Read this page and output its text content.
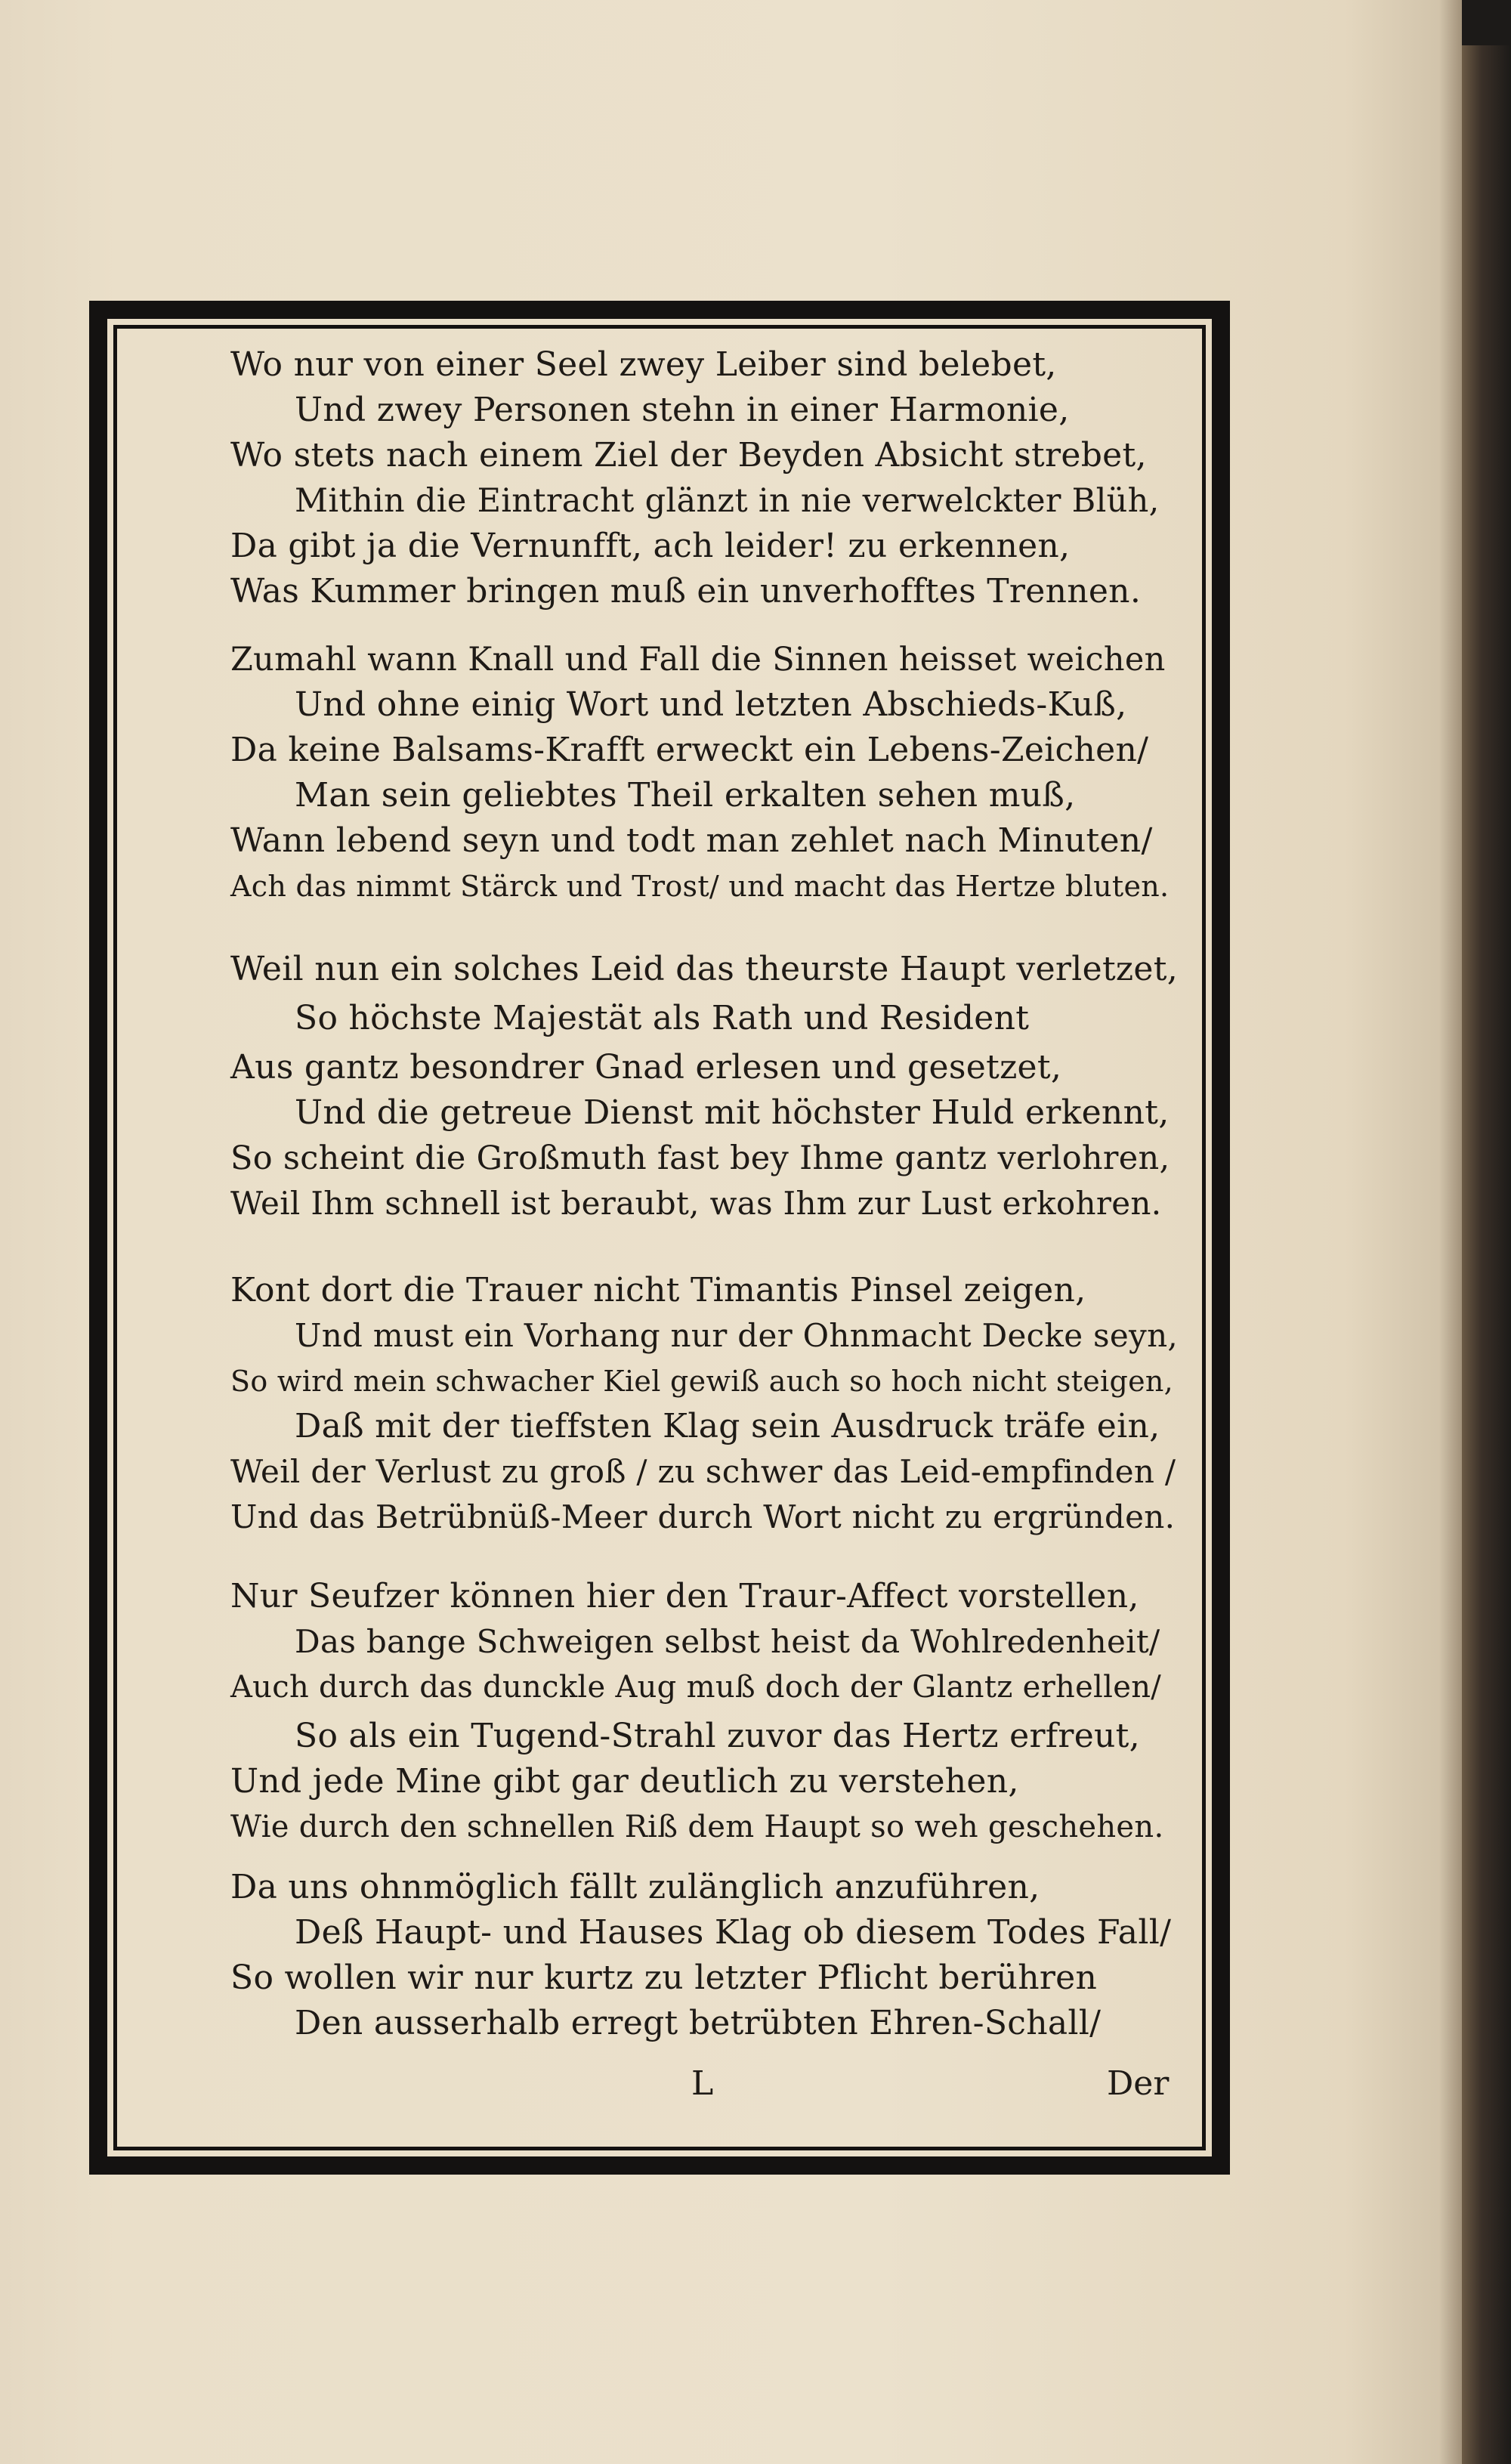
Wo nur von einer Seel zwey Leiber sind belebet,
Und zwey Personen stehn in einer Harmonie,
Wo stets nach einem Ziel der Beyden Absicht strebet,
Mithin die Eintracht glänzt in nie verwelckter Blüh,
Da gibt ja die Vernunfft, ach leider! zu erkennen,
Was Kummer bringen muß ein unverhofftes Trennen.
Zumahl wann Knall und Fall die Sinnen heisset weichen
Und ohne einig Wort und letzten Abschieds-Kuß,
Da keine Balsams-Krafft erweckt ein Lebens-Zeichen/
Man sein geliebtes Theil erkalten sehen muß,
Wann lebend seyn und todt man zehlet nach Minuten/
Ach das nimmt Stärck und Trost/ und macht das Hertze bluten.
Weil nun ein solches Leid das theurste Haupt verletzet,
So höchste Majestät als Rath und Resident
Aus gantz besondrer Gnad erlesen und gesetzet,
Und die getreue Dienst mit höchster Huld erkennt,
So scheint die Großmuth fast bey Ihme gantz verlohren,
Weil Ihm schnell ist beraubt, was Ihm zur Lust erkohren.
Kont dort die Trauer nicht Timantis Pinsel zeigen,
Und must ein Vorhang nur der Ohnmacht Decke seyn,
So wird mein schwacher Kiel gewiß auch so hoch nicht steigen,
Daß mit der tieffsten Klag sein Ausdruck träfe ein,
Weil der Verlust zu groß / zu schwer das Leid-empfinden /
Und das Betrübnüß-Meer durch Wort nicht zu ergründen.
Nur Seufzer können hier den Traur-Affect vorstellen,
Das bange Schweigen selbst heist da Wohlredenheit/
Auch durch das dunckle Aug muß doch der Glantz erhellen/
So als ein Tugend-Strahl zuvor das Hertz erfreut,
Und jede Mine gibt gar deutlich zu verstehen,
Wie durch den schnellen Riß dem Haupt so weh geschehen.
Da uns ohnmöglich fällt zulänglich anzuführen,
Deß Haupt- und Hauses Klag ob diesem Todes Fall/
So wollen wir nur kurtz zu letzter Pflicht berühren
Den ausserhalb erregt betrübten Ehren-Schall/
L	Der
